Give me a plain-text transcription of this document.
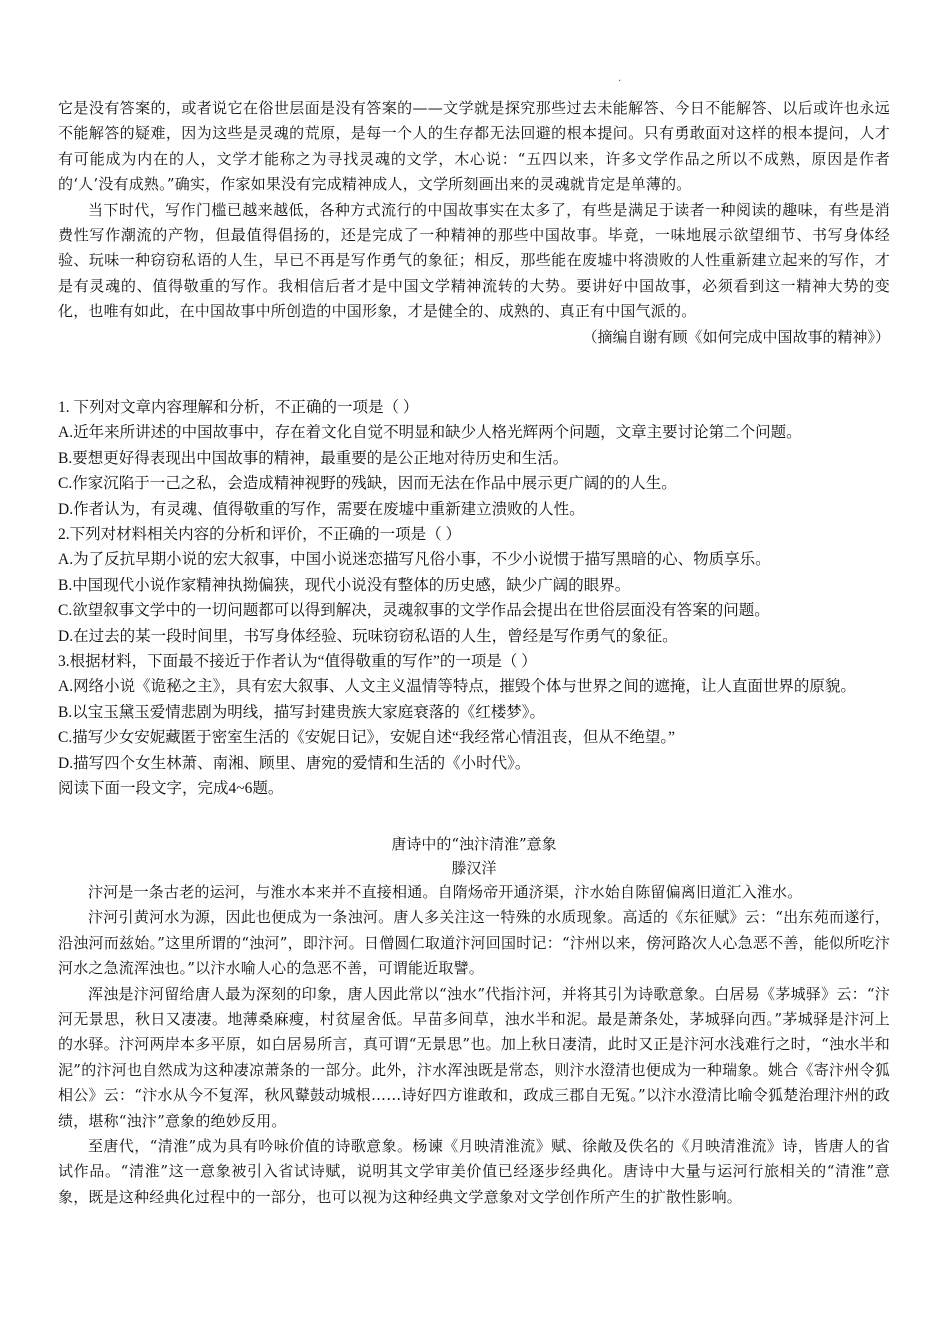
·

它是没有答案的，或者说它在俗世层面是没有答案的——文学就是探究那些过去未能解答、今日不能解答、以后或许也永远不能解答的疑难，因为这些是灵魂的荒原，是每一个人的生存都无法回避的根本提问。只有勇敢面对这样的根本提问，人才有可能成为内在的人，文学才能称之为寻找灵魂的文学，木心说：“五四以来，许多文学作品之所以不成熟，原因是作者的‘人’没有成熟。”确实，作家如果没有完成精神成人，文学所刻画出来的灵魂就肯定是单薄的。

当下时代，写作门槛已越来越低，各种方式流行的中国故事实在太多了，有些是满足于读者一种阅读的趣味，有些是消费性写作潮流的产物，但最值得倡扬的，还是完成了一种精神的那些中国故事。毕竟，一味地展示欲望细节、书写身体经验、玩味一种窃窃私语的人生，早已不再是写作勇气的象征；相反，那些能在废墟中将溃败的人性重新建立起来的写作，才是有灵魂的、值得敬重的写作。我相信后者才是中国文学精神流转的大势。要讲好中国故事，必须看到这一精神大势的变化，也唯有如此，在中国故事中所创造的中国形象，才是健全的、成熟的、真正有中国气派的。

（摘编自谢有顾《如何完成中国故事的精神》）

1. 下列对文章内容理解和分析，不正确的一项是（ ）

A.近年来所讲述的中国故事中，存在着文化自觉不明显和缺少人格光辉两个问题，文章主要讨论第二个问题。

B.要想更好得表现出中国故事的精神，最重要的是公正地对待历史和生活。

C.作家沉陷于一己之私，会造成精神视野的残缺，因而无法在作品中展示更广阔的的人生。

D.作者认为，有灵魂、值得敬重的写作，需要在废墟中重新建立溃败的人性。

2.下列对材料相关内容的分析和评价，不正确的一项是（ ）

A.为了反抗早期小说的宏大叙事，中国小说迷恋描写凡俗小事，不少小说惯于描写黑暗的心、物质享乐。

B.中国现代小说作家精神执拗偏狭，现代小说没有整体的历史感，缺少广阔的眼界。

C.欲望叙事文学中的一切问题都可以得到解决，灵魂叙事的文学作品会提出在世俗层面没有答案的问题。

D.在过去的某一段时间里，书写身体经验、玩味窃窃私语的人生，曾经是写作勇气的象征。

3.根据材料，下面最不接近于作者认为“值得敬重的写作”的一项是（ ）

A.网络小说《诡秘之主》，具有宏大叙事、人文主义温情等特点，摧毁个体与世界之间的遮掩，让人直面世界的原貌。

B.以宝玉黛玉爱情悲剧为明线，描写封建贵族大家庭衰落的《红楼梦》。

C.描写少女安妮藏匿于密室生活的《安妮日记》，安妮自述“我经常心情沮丧，但从不绝望。”

D.描写四个女生林萧、南湘、顾里、唐宛的爱情和生活的《小时代》。

阅读下面一段文字，完成4~6题。

唐诗中的“浊汴清淮”意象

滕汉洋

汴河是一条古老的运河，与淮水本来并不直接相通。自隋炀帝开通济渠，汴水始自陈留偏离旧道汇入淮水。

汴河引黄河水为源，因此也便成为一条浊河。唐人多关注这一特殊的水质现象。高适的《东征赋》云：“出东苑而遂行，沿浊河而兹始。”这里所谓的“浊河”，即汴河。日僧圆仁取道汴河回国时记：“汴州以来，傍河路次人心急恶不善，能似所吃汴河水之急流浑浊也。”以汴水喻人心的急恶不善，可谓能近取譬。

浑浊是汴河留给唐人最为深刻的印象，唐人因此常以“浊水”代指汴河，并将其引为诗歌意象。白居易《茅城驿》云：“汴河无景思，秋日又凄凄。地薄桑麻瘦，村贫屋舍低。早苗多间草，浊水半和泥。最是萧条处，茅城驿向西。”茅城驿是汴河上的水驿。汴河两岸本多平原，如白居易所言，真可谓“无景思”也。加上秋日凄清，此时又正是汴河水浅难行之时，“浊水半和泥”的汴河也自然成为这种凄凉萧条的一部分。此外，汴水浑浊既是常态，则汴水澄清也便成为一种瑞象。姚合《寄汴州令狐相公》云：“汴水从今不复浑，秋风鼙鼓动城根……诗好四方谁敢和，政成三郡自无冤。”以汴水澄清比喻令狐楚治理汴州的政绩，堪称“浊汴”意象的绝妙反用。

至唐代，“清淮”成为具有吟咏价值的诗歌意象。杨谏《月映清淮流》赋、徐敞及佚名的《月映清淮流》诗，皆唐人的省试作品。“清淮”这一意象被引入省试诗赋，说明其文学审美价值已经逐步经典化。唐诗中大量与运河行旅相关的“清淮”意象，既是这种经典化过程中的一部分，也可以视为这种经典文学意象对文学创作所产生的扩散性影响。
